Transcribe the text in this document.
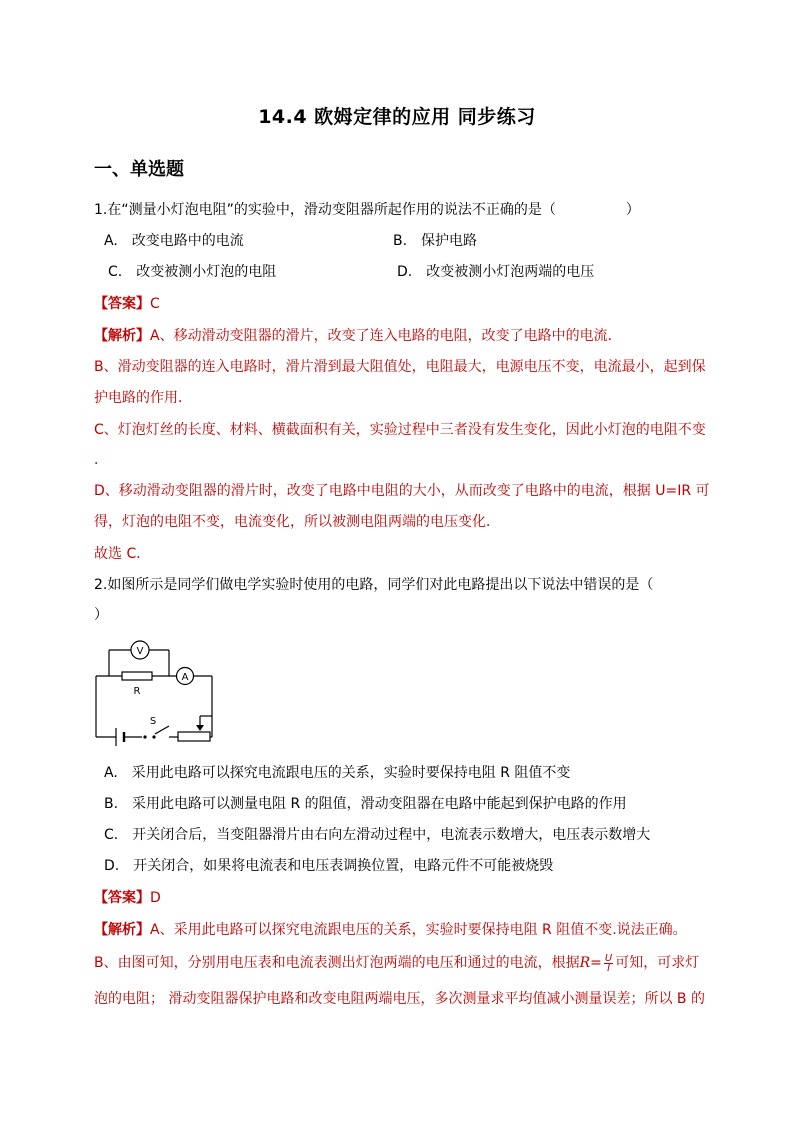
14.4 欧姆定律的应用 同步练习
一、单选题
1.在“测量小灯泡电阻”的实验中，滑动变阻器所起作用的说法不正确的是（　　　　　）
A.　改变电路中的电流	B.　保护电路
C.　改变被测小灯泡的电阻	D.　改变被测小灯泡两端的电压
【答案】C
【解析】A、移动滑动变阻器的滑片，改变了连入电路的电阻，改变了电路中的电流．
B、滑动变阻器的连入电路时，滑片滑到最大阻值处，电阻最大，电源电压不变，电流最小，起到保
护电路的作用．
C、灯泡灯丝的长度、材料、横截面积有关，实验过程中三者没有发生变化，因此小灯泡的电阻不变
．
D、移动滑动变阻器的滑片时，改变了电路中电阻的大小，从而改变了电路中的电流，根据 U=IR 可
得，灯泡的电阻不变，电流变化，所以被测电阻两端的电压变化．
故选 C．
2.如图所示是同学们做电学实验时使用的电路，同学们对此电路提出以下说法中错误的是（
）
V
R
A
S
A.　采用此电路可以探究电流跟电压的关系，实验时要保持电阻 R 阻值不变
B.　采用此电路可以测量电阻 R 的阻值，滑动变阻器在电路中能起到保护电路的作用
C.　开关闭合后，当变阻器滑片由右向左滑动过程中，电流表示数增大，电压表示数增大
D.　开关闭合，如果将电流表和电压表调换位置，电路元件不可能被烧毁
【答案】D
【解析】A、采用此电路可以探究电流跟电压的关系，实验时要保持电阻 R 阻值不变.说法正确。
B、由图可知，分别用电压表和电流表测出灯泡两端的电压和通过的电流，根据$R= \frac{U}{I}$ 可知，可求灯
泡的电阻； 滑动变阻器保护电路和改变电阻两端电压，多次测量求平均值减小测量误差；所以 B 的
